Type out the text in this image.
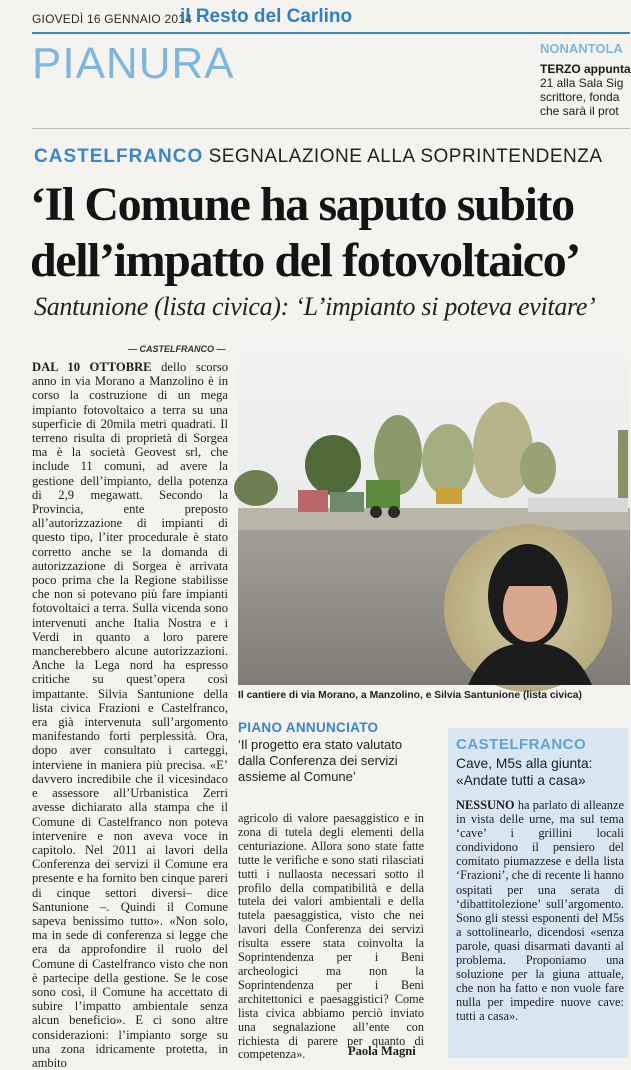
GIOVEDÌ 16 GENNAIO 2014
il Resto del Carlino
PIANURA	NONANTOLA
TERZO appunta
21 alla Sala Sig
scrittore, fonda
che sarà il prot
CASTELFRANCO SEGNALAZIONE ALLA SOPRINTENDENZA
‘Il Comune ha saputo subito
dell’impatto del fotovoltaico’
Santunione (lista civica): ‘L’impianto si poteva evitare’
— CASTELFRANCO —
DAL 10 OTTOBRE dello scorso anno in via Morano a Manzolino è in corso la costruzione di un mega impianto fotovoltaico a terra su una superficie di 20mila metri quadrati. Il terreno risulta di proprietà di Sorgea ma è la società Geovest srl, che include 11 comuni, ad avere la gestione dell’impianto, della potenza di 2,9 megawatt. Secondo la Provincia, ente preposto all’autorizzazione di impianti di questo tipo, l’iter procedurale è stato corretto anche se la domanda di autorizzazione di Sorgea è arrivata poco prima che la Regione stabilisse che non si potevano più fare impianti fotovoltaici a terra. Sulla vicenda sono intervenuti anche Italia Nostra e i Verdi in quanto a loro parere mancherebbero alcune autorizzazioni. Anche la Lega nord ha espresso critiche su quest’opera così impattante. Silvia Santunione della lista civica Frazioni e Castelfranco, era già intervenuta sull’argomento manifestando forti perplessità. Ora, dopo aver consultato i carteggi, interviene in maniera più precisa. «E’ davvero incredibile che il vicesindaco e assessore all’Urbanistica Zerri avesse dichiarato alla stampa che il Comune di Castelfranco non poteva intervenire e non aveva voce in capitolo. Nel 2011 ai lavori della Conferenza dei servizi il Comune era presente e ha fornito ben cinque pareri di cinque settori diversi– dice Santunione –. Quindi il Comune sapeva benissimo tutto». «Non solo, ma in sede di conferenza si legge che era da approfondire il ruolo del Comune di Castelfranco visto che non è partecipe della gestione. Se le cose sono così, il Comune ha accettato di subire l’impatto ambientale senza alcun beneficio». E ci sono altre considerazioni: l’impianto sorge su una zona idricamente protetta, in ambito
Il cantiere di via Morano, a Manzolino, e Silvia Santunione (lista civica)
PIANO ANNUNCIATO
‘Il progetto era stato valutato dalla Conferenza dei servizi assieme al Comune’
agricolo di valore paesaggistico e in zona di tutela degli elementi della centuriazione. Allora sono state fatte tutte le verifiche e sono stati rilasciati tutti i nullaosta necessari sotto il profilo della compatibilità e della tutela dei valori ambientali e della tutela paesaggistica, visto che nei lavori della Conferenza dei servizi risulta essere stata coinvolta la Soprintendenza per i Beni archeologici ma non la Soprintendenza per i Beni architettonici e paesaggistici? Come lista civica abbiamo perciò inviato una segnalazione all’ente con richiesta di parere per quanto di competenza».	Paola Magni
CASTELFRANCO
Cave, M5s alla giunta: «Andate tutti a casa»
NESSUNO ha parlato di alleanze in vista delle urne, ma sul tema ‘cave’ i grillini locali condividono il pensiero del comitato piumazzese e della lista ‘Frazioni’, che di recente li hanno ospitati per una serata di ‘dibattitolezione’ sull’argomento. Sono gli stessi esponenti del M5s a sottolinearlo, dicendosi «senza parole, quasi disarmati davanti al problema. Proponiamo una soluzione per la giuna attuale, che non ha fatto e non vuole fare nulla per impedire nuove cave: tutti a casa».
